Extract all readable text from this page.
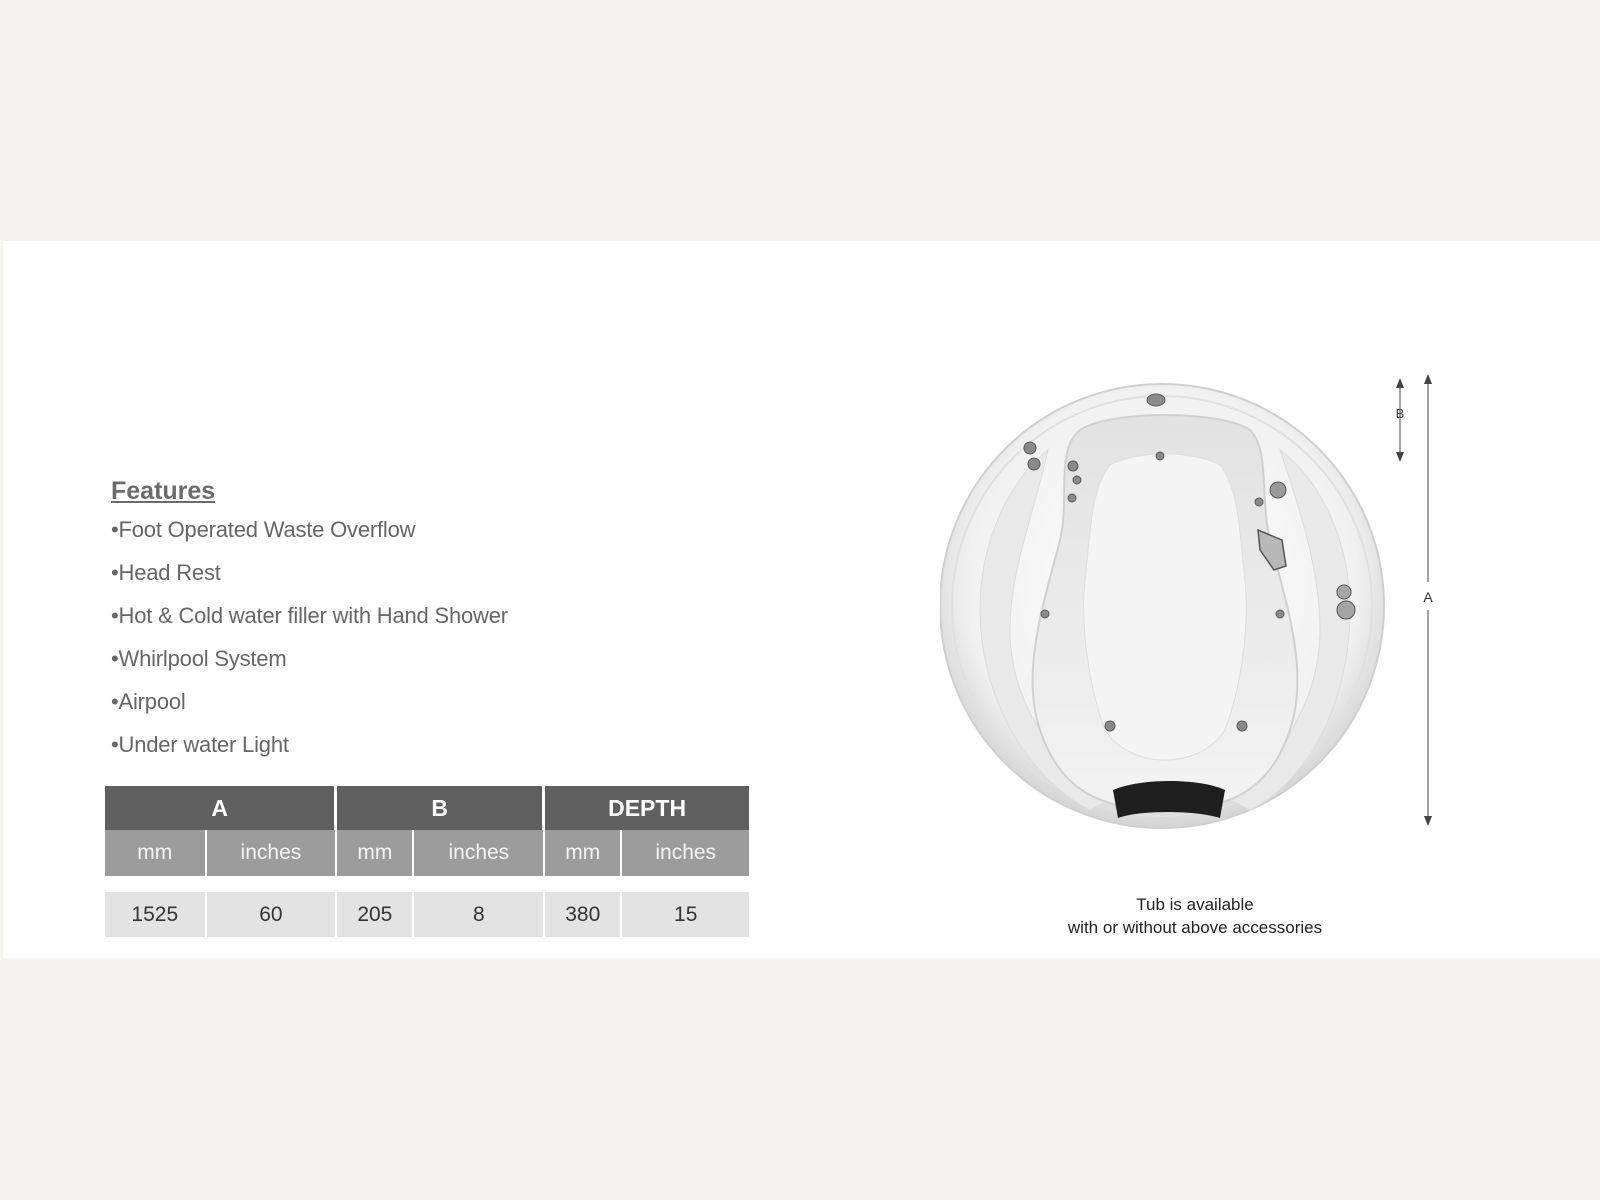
Features
• Foot Operated Waste Overflow
• Head Rest
• Hot & Cold water filler with Hand Shower
• Whirlpool System
• Airpool
• Under water Light
A		B		DEPTH	
mm	inches	mm	inches	mm	inches

1525	60	205	8	380	15
B
A
Tub is available
with or without above accessories
